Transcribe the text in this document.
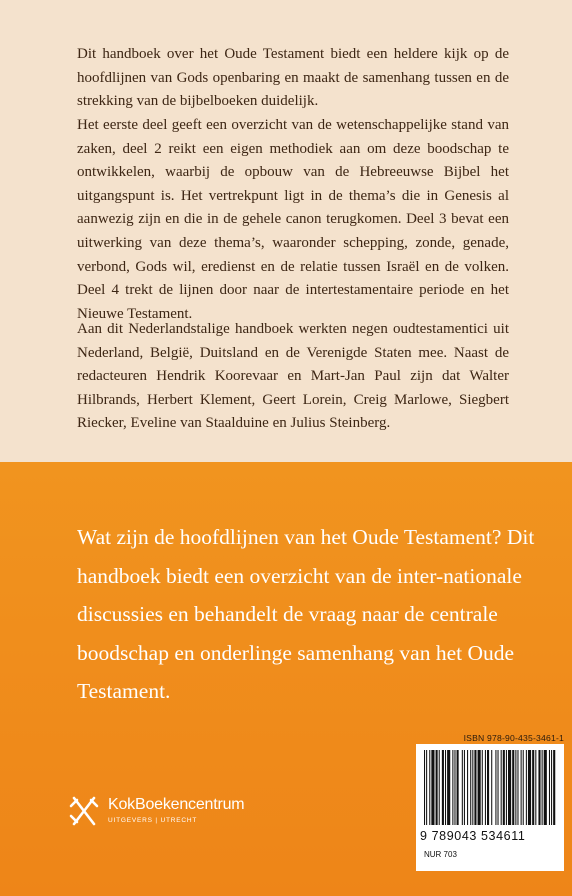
Dit handboek over het Oude Testament biedt een heldere kijk op de hoofdlijnen van Gods openbaring en maakt de samenhang tussen en de strekking van de bijbelboeken duidelijk.

Het eerste deel geeft een overzicht van de wetenschappelijke stand van zaken, deel 2 reikt een eigen methodiek aan om deze boodschap te ontwikkelen, waarbij de opbouw van de Hebreeuwse Bijbel het uitgangspunt is. Het vertrekpunt ligt in de thema’s die in Genesis al aanwezig zijn en die in de gehele canon terugkomen. Deel 3 bevat een uitwerking van deze thema’s, waaronder schepping, zonde, genade, verbond, Gods wil, eredienst en de relatie tussen Israël en de volken. Deel 4 trekt de lijnen door naar de intertestamentaire periode en het Nieuwe Testament.

Aan dit Nederlandstalige handboek werkten negen oudtestamentici uit Nederland, België, Duitsland en de Verenigde Staten mee. Naast de redacteuren Hendrik Koorevaar en Mart-Jan Paul zijn dat Walter Hilbrands, Herbert Klement, Geert Lorein, Creig Marlowe, Siegbert Riecker, Eveline van Staalduine en Julius Steinberg.

Wat zijn de hoofdlijnen van het Oude Testament? Dit handboek biedt een overzicht van de inter-nationale discussies en behandelt de vraag naar de centrale boodschap en onderlinge samenhang van het Oude Testament.

KokBoekencentrum
UITGEVERS | UTRECHT
ISBN 978-90-435-3461-1
9 789043 534611
NUR 703
